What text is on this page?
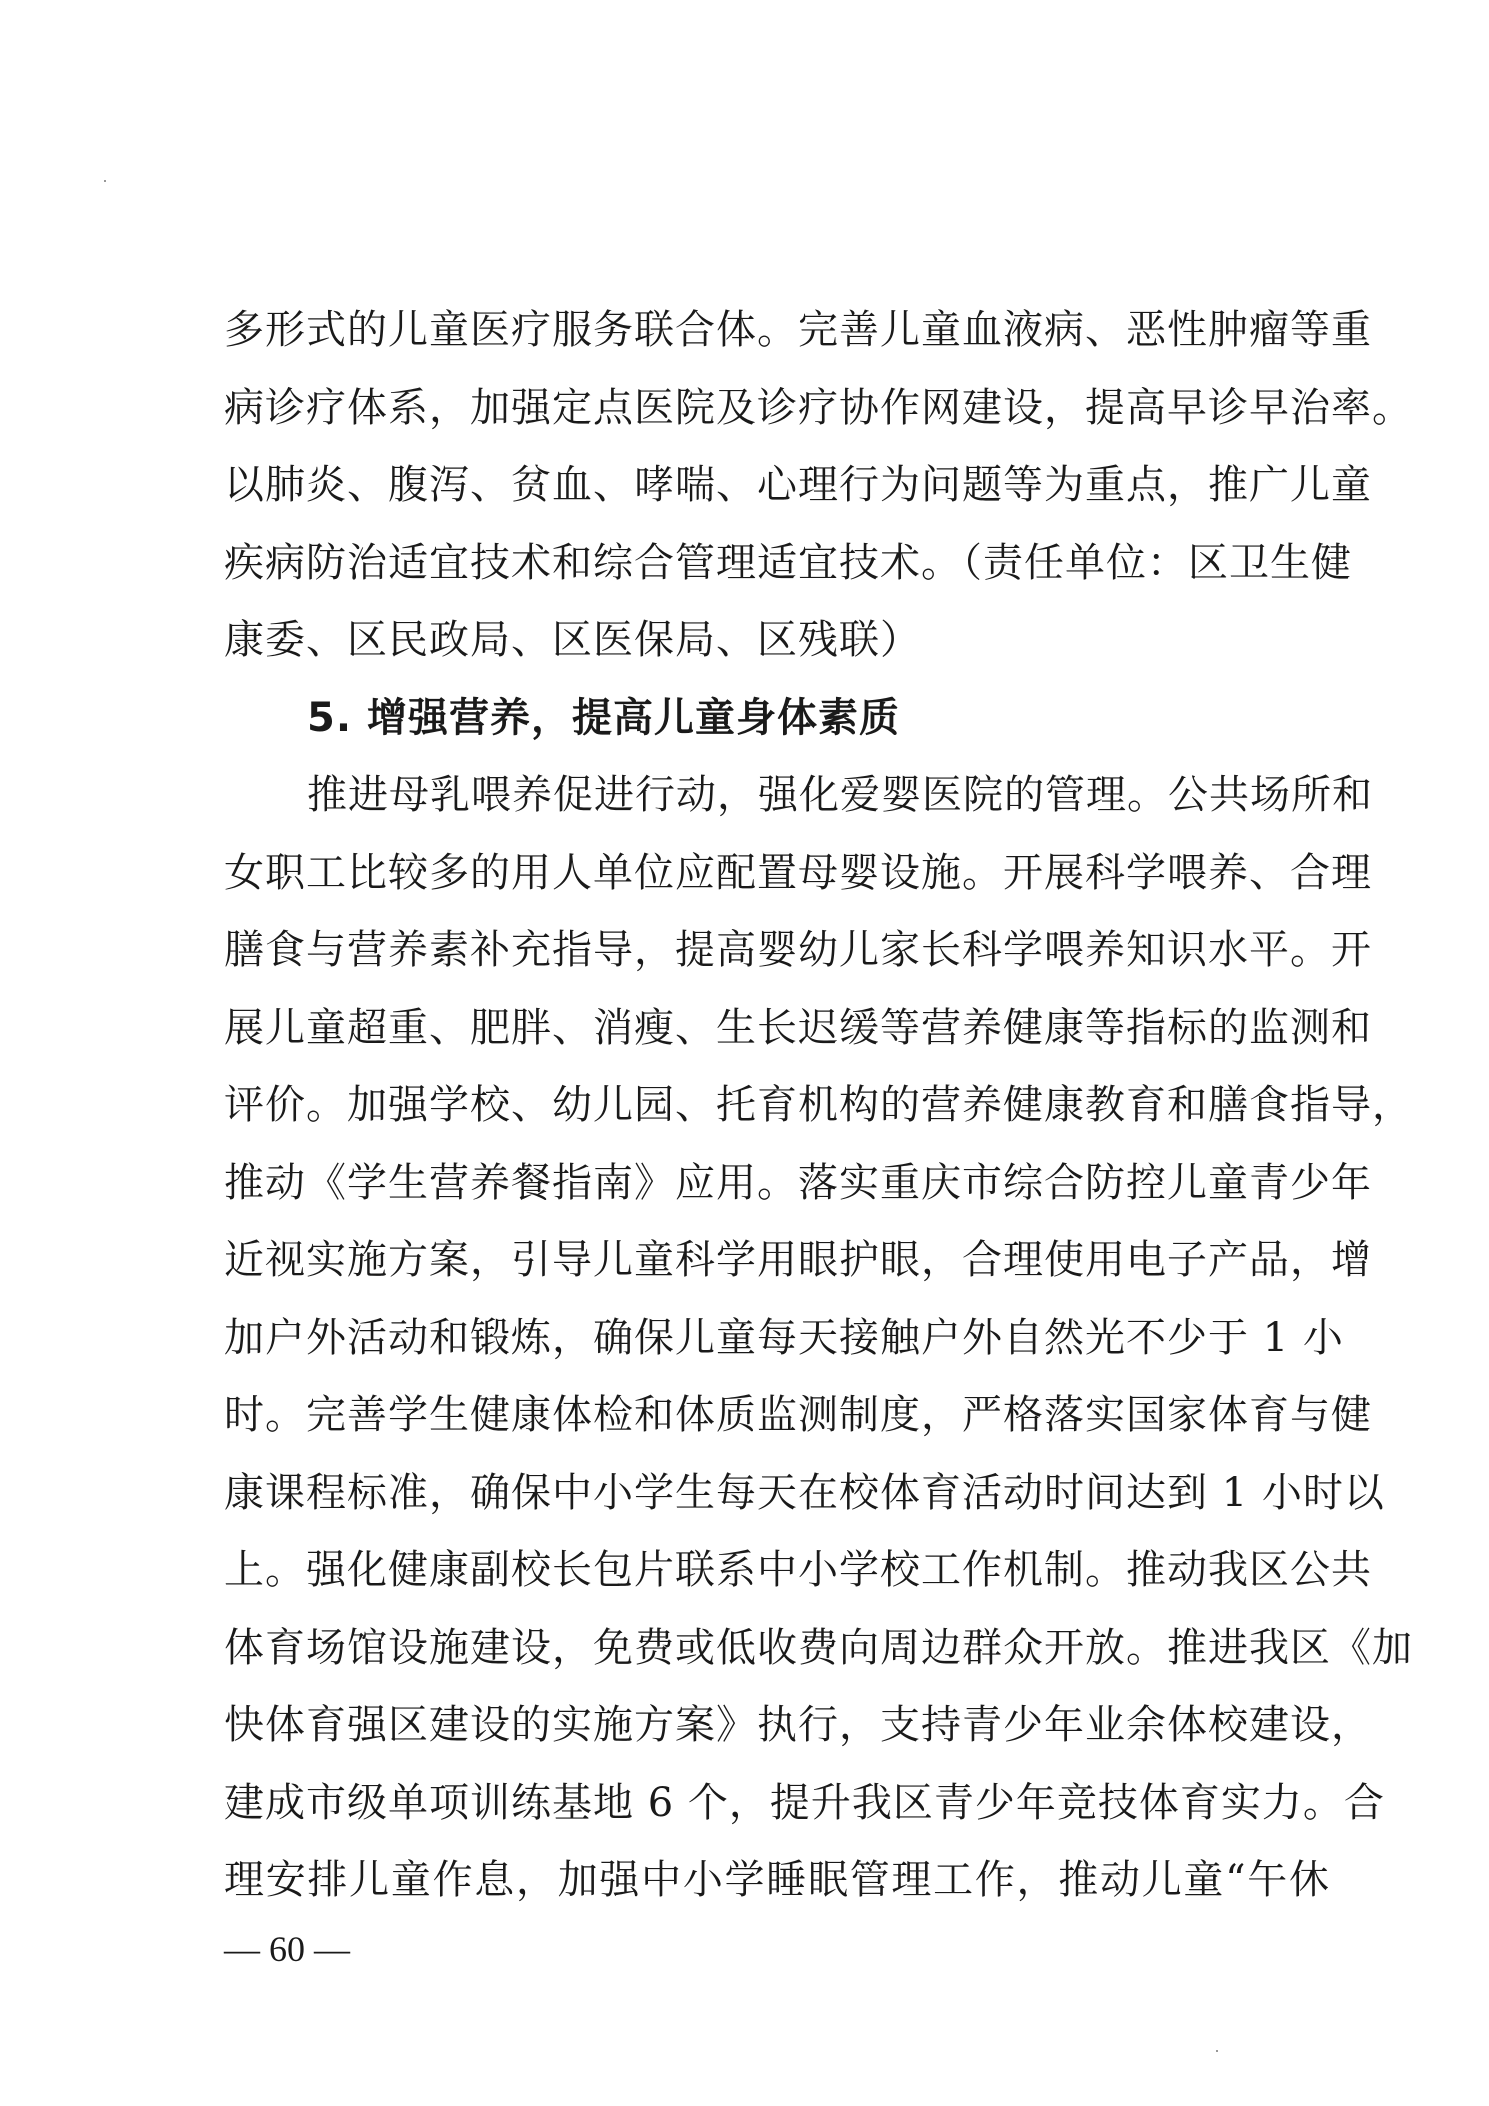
多形式的儿童医疗服务联合体。完善儿童血液病、恶性肿瘤等重
病诊疗体系，加强定点医院及诊疗协作网建设，提高早诊早治率。
以肺炎、腹泻、贫血、哮喘、心理行为问题等为重点，推广儿童
疾病防治适宜技术和综合管理适宜技术。（责任单位：区卫生健
康委、区民政局、区医保局、区残联）
5. 增强营养，提高儿童身体素质
推进母乳喂养促进行动，强化爱婴医院的管理。公共场所和
女职工比较多的用人单位应配置母婴设施。开展科学喂养、合理
膳食与营养素补充指导，提高婴幼儿家长科学喂养知识水平。开
展儿童超重、肥胖、消瘦、生长迟缓等营养健康等指标的监测和
评价。加强学校、幼儿园、托育机构的营养健康教育和膳食指导，
推动《学生营养餐指南》应用。落实重庆市综合防控儿童青少年
近视实施方案，引导儿童科学用眼护眼，合理使用电子产品，增
加户外活动和锻炼，确保儿童每天接触户外自然光不少于 1 小
时。完善学生健康体检和体质监测制度，严格落实国家体育与健
康课程标准，确保中小学生每天在校体育活动时间达到 1 小时以
上。强化健康副校长包片联系中小学校工作机制。推动我区公共
体育场馆设施建设，免费或低收费向周边群众开放。推进我区《加
快体育强区建设的实施方案》执行，支持青少年业余体校建设，
建成市级单项训练基地 6 个，提升我区青少年竞技体育实力。合
理安排儿童作息，加强中小学睡眠管理工作，推动儿童“午休
— 60 —
